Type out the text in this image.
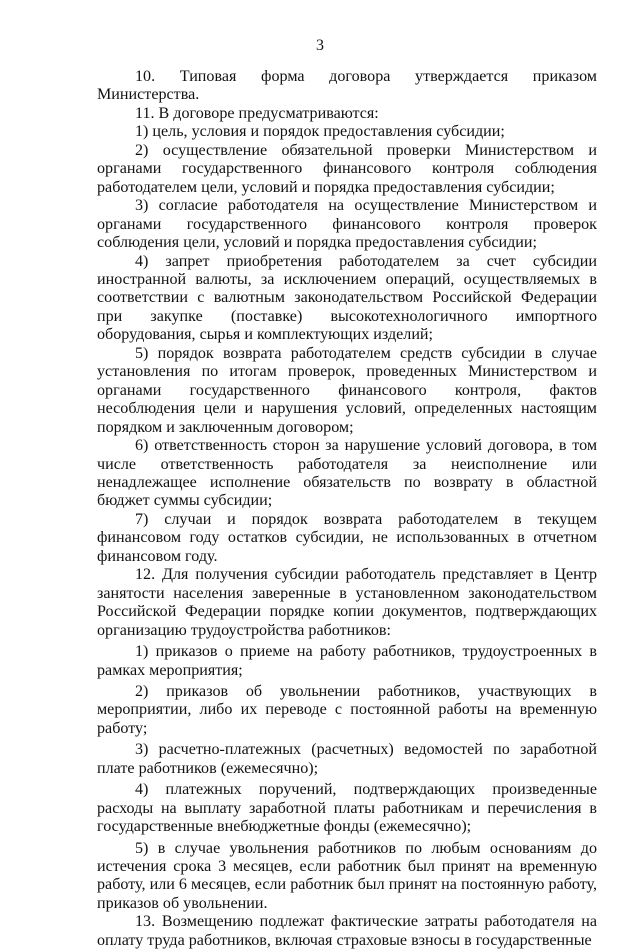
3

10. Типовая форма договора утверждается приказом Министерства.

11. В договоре предусматриваются:

1) цель, условия и порядок предоставления субсидии;

2) осуществление обязательной проверки Министерством и органами государственного финансового контроля соблюдения работодателем цели, условий и порядка предоставления субсидии;

3) согласие работодателя на осуществление Министерством и органами государственного финансового контроля проверок соблюдения цели, условий и порядка предоставления субсидии;

4) запрет приобретения работодателем за счет субсидии иностранной валюты, за исключением операций, осуществляемых в соответствии с валютным законодательством Российской Федерации при закупке (поставке) высокотехнологичного импортного оборудования, сырья и комплектующих изделий;

5) порядок возврата работодателем средств субсидии в случае установления по итогам проверок, проведенных Министерством и органами государственного финансового контроля, фактов несоблюдения цели и нарушения условий, определенных настоящим порядком и заключенным договором;

6) ответственность сторон за нарушение условий договора, в том числе ответственность работодателя за неисполнение или ненадлежащее исполнение обязательств по возврату в областной бюджет суммы субсидии;

7) случаи и порядок возврата работодателем в текущем финансовом году остатков субсидии, не использованных в отчетном финансовом году.

12. Для получения субсидии работодатель представляет в Центр занятости населения заверенные в установленном законодательством Российской Федерации порядке копии документов, подтверждающих организацию трудоустройства работников:

1) приказов о приеме на работу работников, трудоустроенных в рамках мероприятия;

2) приказов об увольнении работников, участвующих в мероприятии, либо их переводе с постоянной работы на временную работу;

3) расчетно-платежных (расчетных) ведомостей по заработной плате работников (ежемесячно);

4) платежных поручений, подтверждающих произведенные расходы на выплату заработной платы работникам и перечисления в государственные внебюджетные фонды (ежемесячно);

5) в случае увольнения работников по любым основаниям до истечения срока 3 месяцев, если работник был принят на временную работу, или 6 месяцев, если работник был принят на постоянную работу, приказов об увольнении.

13. Возмещению подлежат фактические затраты работодателя на оплату труда работников, включая страховые взносы в государственные
